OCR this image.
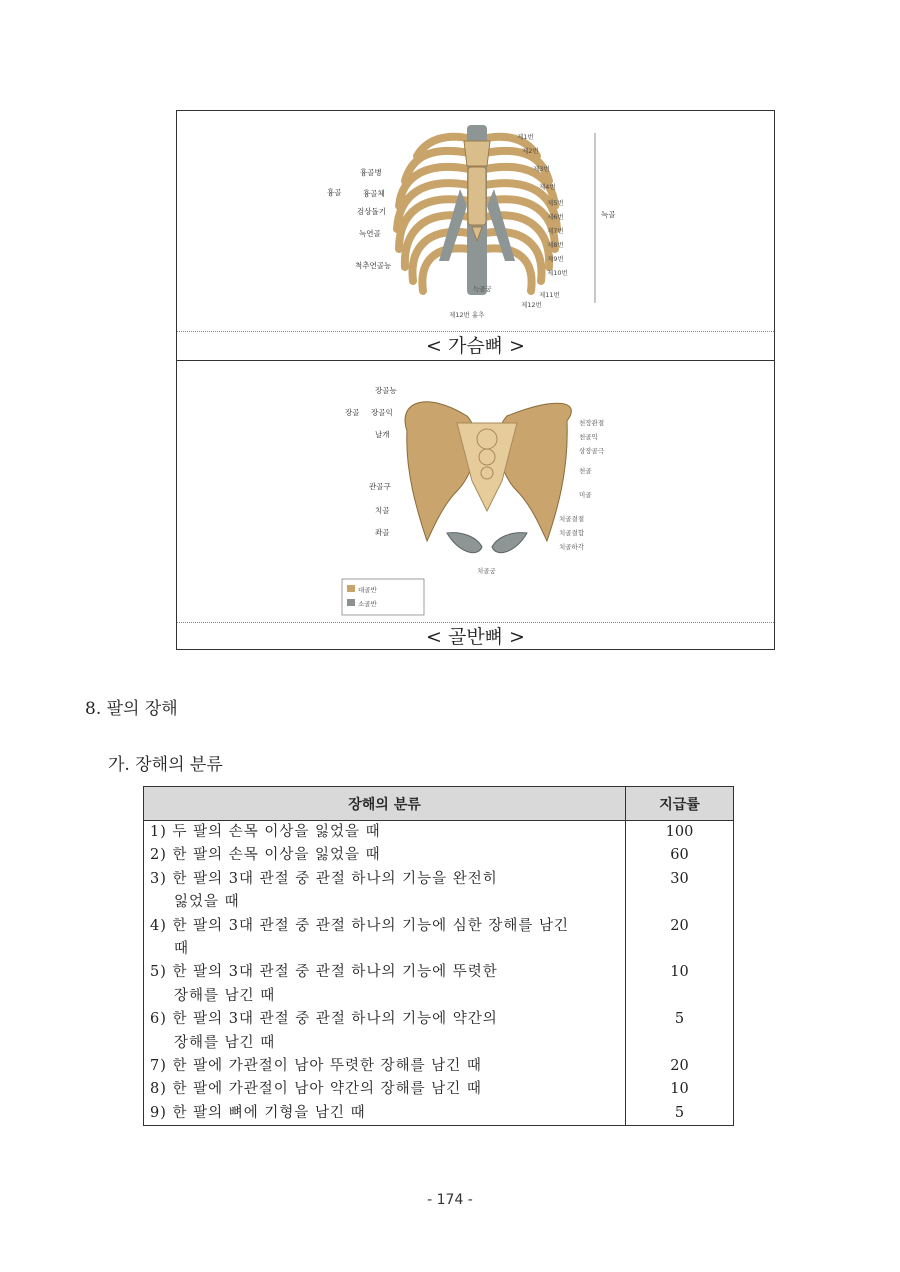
흉골
흉골병
흉골체
검상돌기
늑연골
척추연골능
제1번
제2번
제3번
제4번
제5번
제6번
제7번
제8번
제9번
제10번
제11번
제12번
늑골
늑골궁
제12번 흉추
< 가슴뼈 >
장골능
장골 장골익
날개
관골구
치골
좌골
천장관절
천골익
상장골극
천골
미골
치골결절
치골결합
치골하각
치골궁
대골반
소골반
< 골반뼈 >
8. 팔의 장해
가. 장해의 분류
장해의 분류	지급률

1) 두 팔의 손목 이상을 잃었을 때	100

2) 한 팔의 손목 이상을 잃었을 때	60

3) 한 팔의 3대 관절 중 관절 하나의 기능을 완전히
잃었을 때	30

4) 한 팔의 3대 관절 중 관절 하나의 기능에 심한 장해를 남긴
때	20

5) 한 팔의 3대 관절 중 관절 하나의 기능에 뚜렷한
장해를 남긴 때	10

6) 한 팔의 3대 관절 중 관절 하나의 기능에 약간의
장해를 남긴 때	5

7) 한 팔에 가관절이 남아 뚜렷한 장해를 남긴 때	20

8) 한 팔에 가관절이 남아 약간의 장해를 남긴 때	10

9) 한 팔의 뼈에 기형을 남긴 때	5
- 174 -
